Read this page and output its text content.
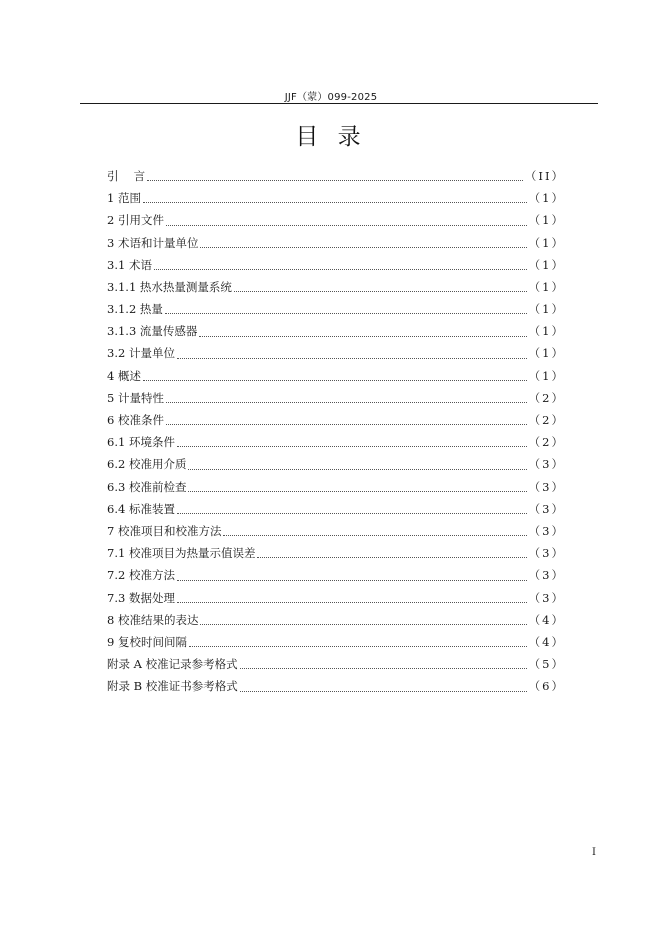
JJF（蒙）099-2025
目 录
引　 言	（II）
1 范围	（1）
2 引用文件	（1）
3 术语和计量单位	（1）
3.1 术语	（1）
3.1.1 热水热量测量系统	（1）
3.1.2 热量	（1）
3.1.3 流量传感器	（1）
3.2 计量单位	（1）
4 概述	（1）
5 计量特性	（2）
6 校准条件	（2）
6.1 环境条件	（2）
6.2 校准用介质	（3）
6.3 校准前检查	（3）
6.4 标准装置	（3）
7 校准项目和校准方法	（3）
7.1 校准项目为热量示值误差	（3）
7.2 校准方法	（3）
7.3 数据处理	（3）
8 校准结果的表达	（4）
9 复校时间间隔	（4）
附录 A 校准记录参考格式	（5）
附录 B 校准证书参考格式	（6）
I
